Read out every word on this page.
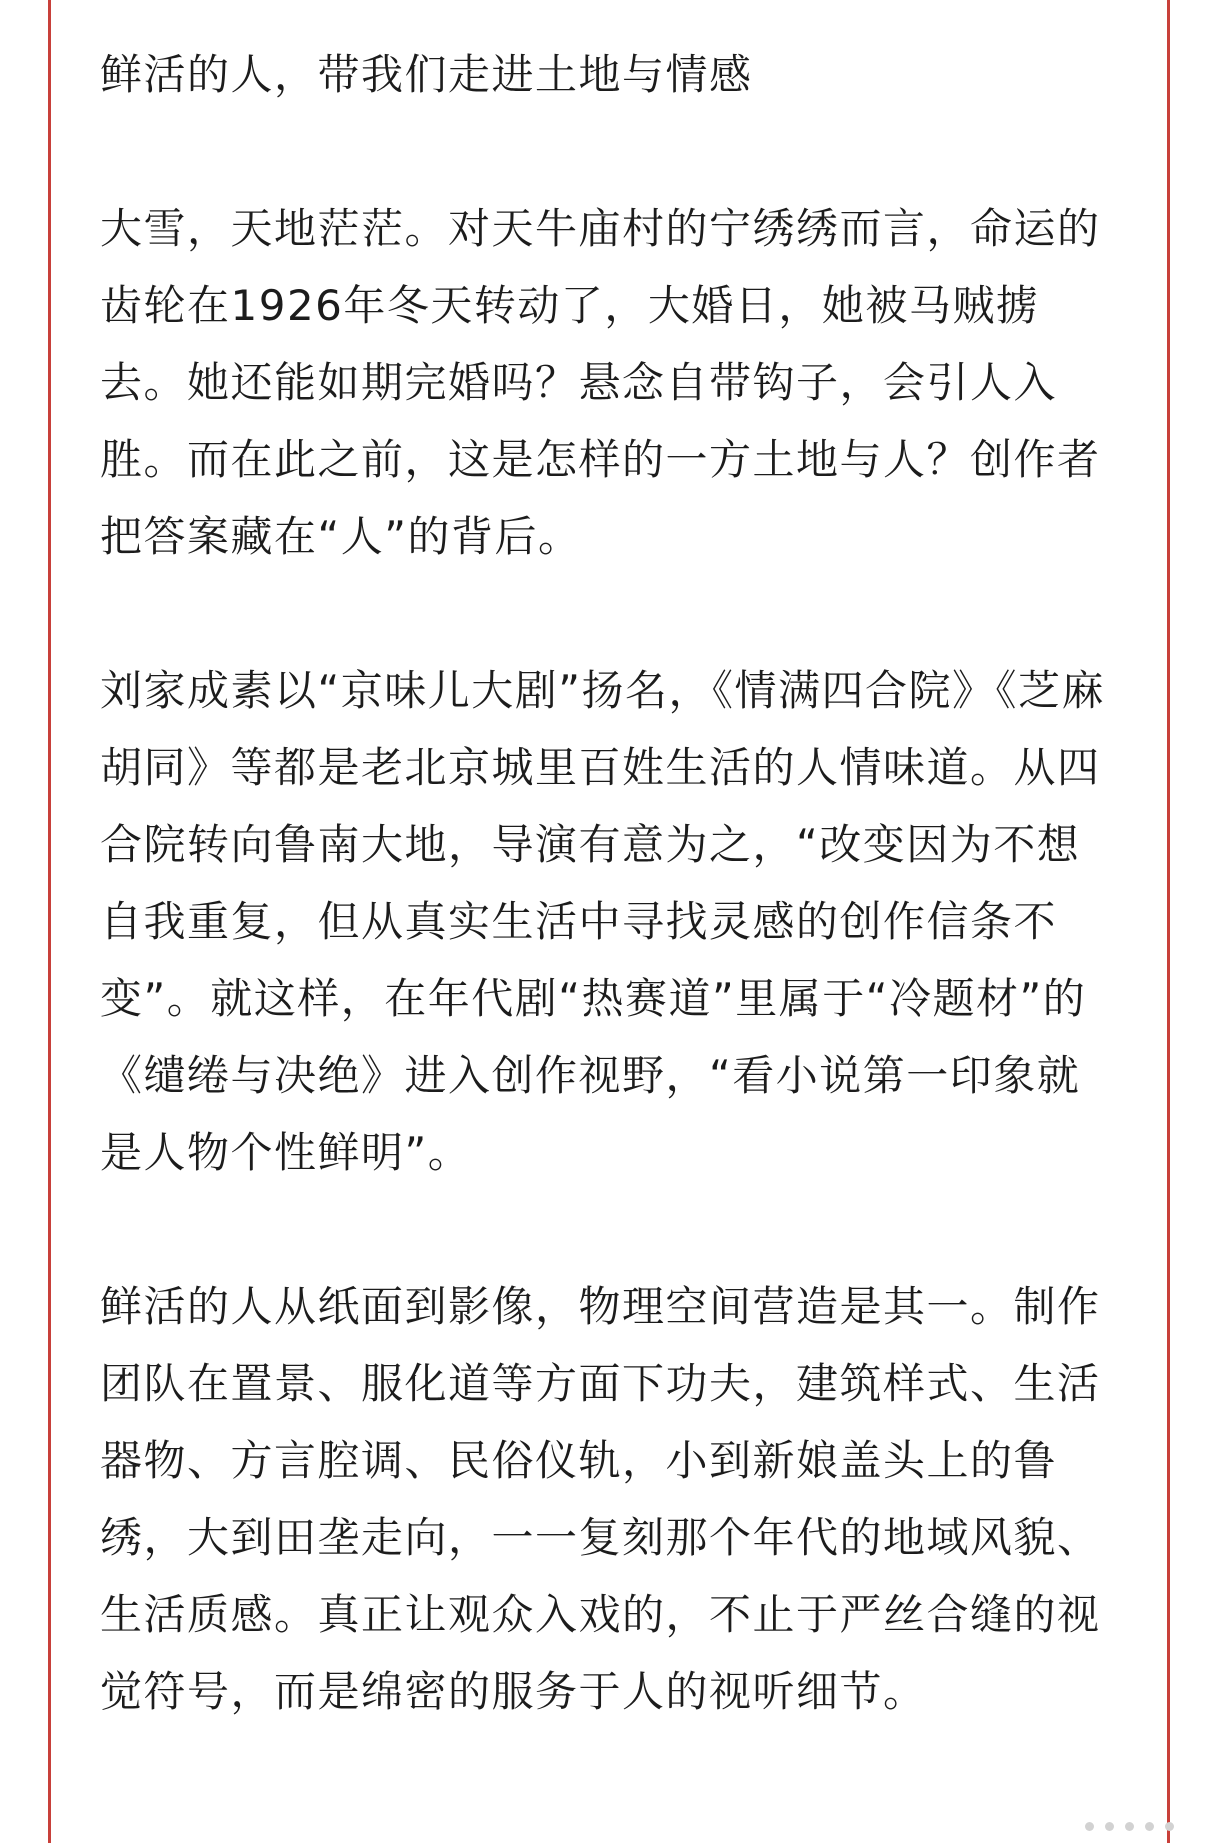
鲜活的人，带我们走进土地与情感

大雪，天地茫茫。对天牛庙村的宁绣绣而言，命运的齿轮在1926年冬天转动了，大婚日，她被马贼掳去。她还能如期完婚吗？悬念自带钩子，会引人入胜。而在此之前，这是怎样的一方土地与人？创作者把答案藏在“人”的背后。

刘家成素以“京味儿大剧”扬名，《情满四合院》《芝麻胡同》等都是老北京城里百姓生活的人情味道。从四合院转向鲁南大地，导演有意为之，“改变因为不想自我重复，但从真实生活中寻找灵感的创作信条不变”。就这样，在年代剧“热赛道”里属于“冷题材”的《缱绻与决绝》进入创作视野，“看小说第一印象就是人物个性鲜明”。

鲜活的人从纸面到影像，物理空间营造是其一。制作团队在置景、服化道等方面下功夫，建筑样式、生活器物、方言腔调、民俗仪轨，小到新娘盖头上的鲁绣，大到田垄走向，一一复刻那个年代的地域风貌、生活质感。真正让观众入戏的，不止于严丝合缝的视觉符号，而是绵密的服务于人的视听细节。
